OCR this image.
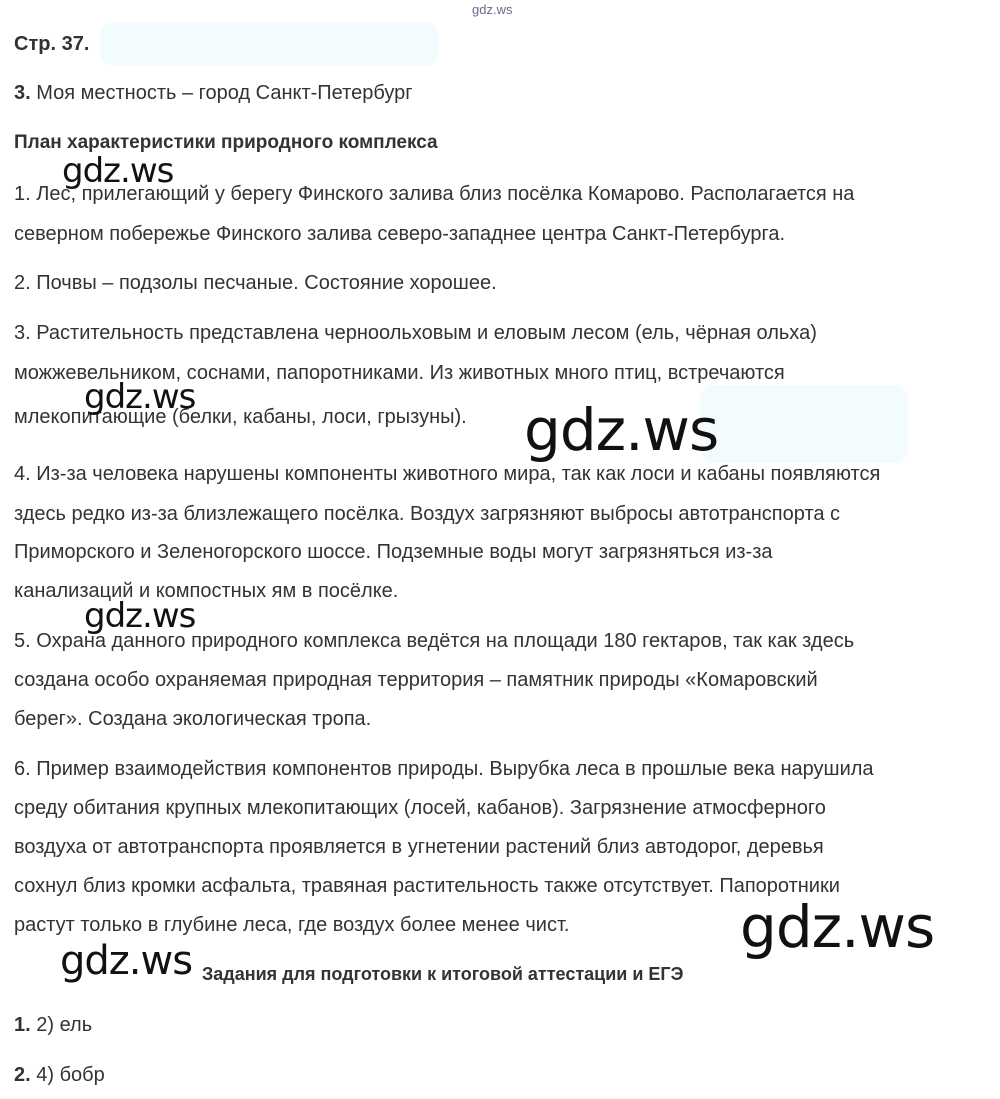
gdz.ws
Стр. 37.
3. Моя местность – город Санкт-Петербург
План характеристики природного комплекса
1. Лес, прилегающий у берегу Финского залива близ посёлка Комарово. Располагается на
северном побережье Финского залива северо-западнее центра Санкт-Петербурга.
2. Почвы – подзолы песчаные. Состояние хорошее.
3. Растительность представлена черноольховым и еловым лесом (ель, чёрная ольха)
можжевельником, соснами, папоротниками. Из животных много птиц, встречаются
млекопитающие (белки, кабаны, лоси, грызуны).
4. Из-за человека нарушены компоненты животного мира, так как лоси и кабаны появляются
здесь редко из-за близлежащего посёлка. Воздух загрязняют выбросы автотранспорта с
Приморского и Зеленогорского шоссе. Подземные воды могут загрязняться из-за
канализаций и компостных ям в посёлке.
5. Охрана данного природного комплекса ведётся на площади 180 гектаров, так как здесь
создана особо охраняемая природная территория – памятник природы «Комаровский
берег». Создана экологическая тропа.
6. Пример взаимодействия компонентов природы. Вырубка леса в прошлые века нарушила
среду обитания крупных млекопитающих (лосей, кабанов). Загрязнение атмосферного
воздуха от автотранспорта проявляется в угнетении растений близ автодорог, деревья
сохнул близ кромки асфальта, травяная растительность также отсутствует. Папоротники
растут только в глубине леса, где воздух более менее чист.
1. 2) ель
2. 4) бобр
Задания для подготовки к итоговой аттестации и ЕГЭ
gdz.ws
gdz.ws	gdz.ws
gdz.ws
gdz.ws
gdz.ws
